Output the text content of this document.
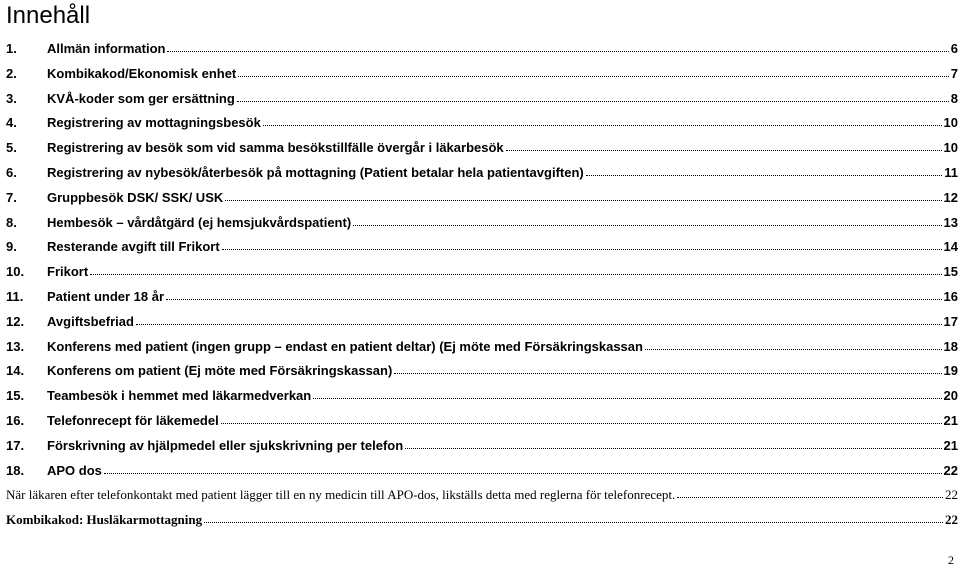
Innehåll
1.	Allmän information	6
2.	Kombikakod/Ekonomisk enhet	7
3.	KVÅ-koder som ger ersättning	8
4.	Registrering av mottagningsbesök	10
5.	Registrering av besök som vid samma besökstillfälle övergår i läkarbesök	10
6.	Registrering av nybesök/återbesök på mottagning (Patient betalar hela patientavgiften)	11
7.	Gruppbesök DSK/ SSK/ USK	12
8.	Hembesök – vårdåtgärd (ej hemsjukvårdspatient)	13
9.	Resterande avgift till Frikort	14
10.	Frikort	15
11.	Patient under 18 år	16
12.	Avgiftsbefriad	17
13.	Konferens med patient (ingen grupp – endast en patient deltar) (Ej möte med Försäkringskassan	18
14.	Konferens om patient (Ej möte med Försäkringskassan)	19
15.	Teambesök i hemmet med läkarmedverkan	20
16.	Telefonrecept för läkemedel	21
17.	Förskrivning av hjälpmedel eller sjukskrivning per telefon	21
18.	APO dos	22
När läkaren efter telefonkontakt med patient lägger till en ny medicin till APO-dos, likställs detta med reglerna för telefonrecept.	22
Kombikakod: Husläkarmottagning	22
2
